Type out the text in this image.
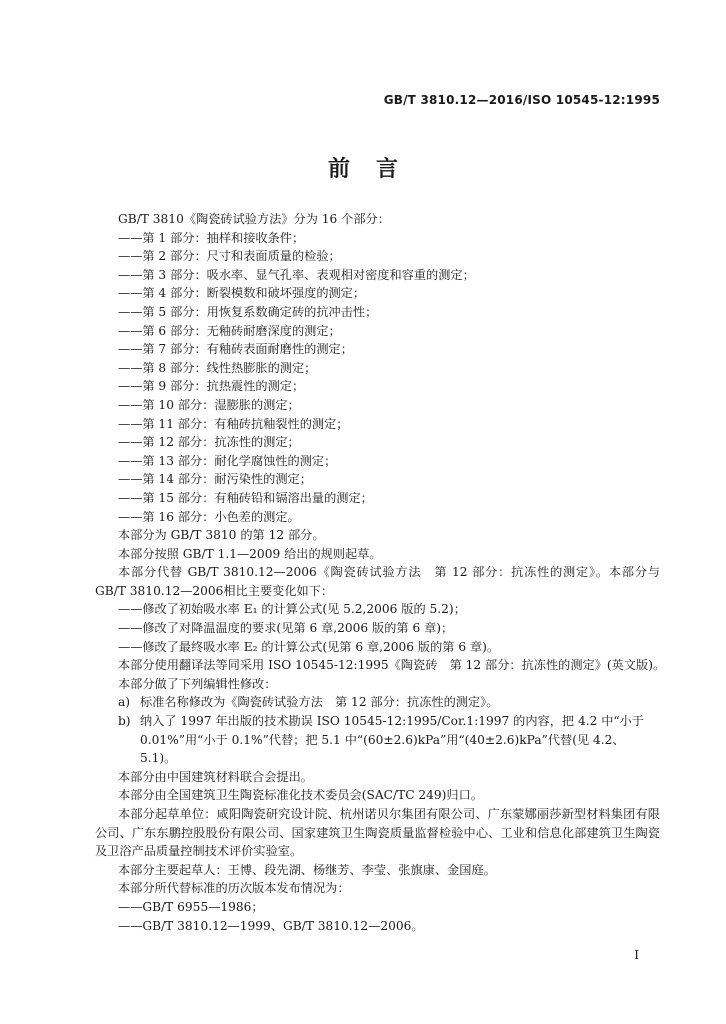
GB/T 3810.12—2016/ISO 10545-12:1995
前言

GB/T 3810《陶瓷砖试验方法》分为 16 个部分：

——第 1 部分：抽样和接收条件；

——第 2 部分：尺寸和表面质量的检验；

——第 3 部分：吸水率、显气孔率、表观相对密度和容重的测定；

——第 4 部分：断裂模数和破坏强度的测定；

——第 5 部分：用恢复系数确定砖的抗冲击性；

——第 6 部分：无釉砖耐磨深度的测定；

——第 7 部分：有釉砖表面耐磨性的测定；

——第 8 部分：线性热膨胀的测定；

——第 9 部分：抗热震性的测定；

——第 10 部分：湿膨胀的测定；

——第 11 部分：有釉砖抗釉裂性的测定；

——第 12 部分：抗冻性的测定；

——第 13 部分：耐化学腐蚀性的测定；

——第 14 部分：耐污染性的测定；

——第 15 部分：有釉砖铅和镉溶出量的测定；

——第 16 部分：小色差的测定。

本部分为 GB/T 3810 的第 12 部分。

本部分按照 GB/T 1.1—2009 给出的规则起草。

本部分代替 GB/T 3810.12—2006《陶瓷砖试验方法　第 12 部分：抗冻性的测定》。本部分与 GB/T 3810.12—2006相比主要变化如下：

——修改了初始吸水率 E₁ 的计算公式(见 5.2,2006 版的 5.2)；

——修改了对降温温度的要求(见第 6 章,2006 版的第 6 章)；

——修改了最终吸水率 E₂ 的计算公式(见第 6 章,2006 版的第 6 章)。

本部分使用翻译法等同采用 ISO 10545-12:1995《陶瓷砖　第 12 部分：抗冻性的测定》(英文版)。

本部分做了下列编辑性修改：

a) 标准名称修改为《陶瓷砖试验方法　第 12 部分：抗冻性的测定》。
b) 纳入了 1997 年出版的技术勘误 ISO 10545-12:1995/Cor.1:1997 的内容，把 4.2 中“小于 0.01%”用“小于 0.1%”代替；把 5.1 中“(60±2.6)kPa”用“(40±2.6)kPa”代替(见 4.2、5.1)。

本部分由中国建筑材料联合会提出。

本部分由全国建筑卫生陶瓷标准化技术委员会(SAC/TC 249)归口。

本部分起草单位：咸阳陶瓷研究设计院、杭州诺贝尔集团有限公司、广东蒙娜丽莎新型材料集团有限公司、广东东鹏控股股份有限公司、国家建筑卫生陶瓷质量监督检验中心、工业和信息化部建筑卫生陶瓷及卫浴产品质量控制技术评价实验室。

本部分主要起草人：王博、段先湖、杨继芳、李莹、张旗康、金国庭。

本部分所代替标准的历次版本发布情况为：

——GB/T 6955—1986；

——GB/T 3810.12—1999、GB/T 3810.12—2006。

I
